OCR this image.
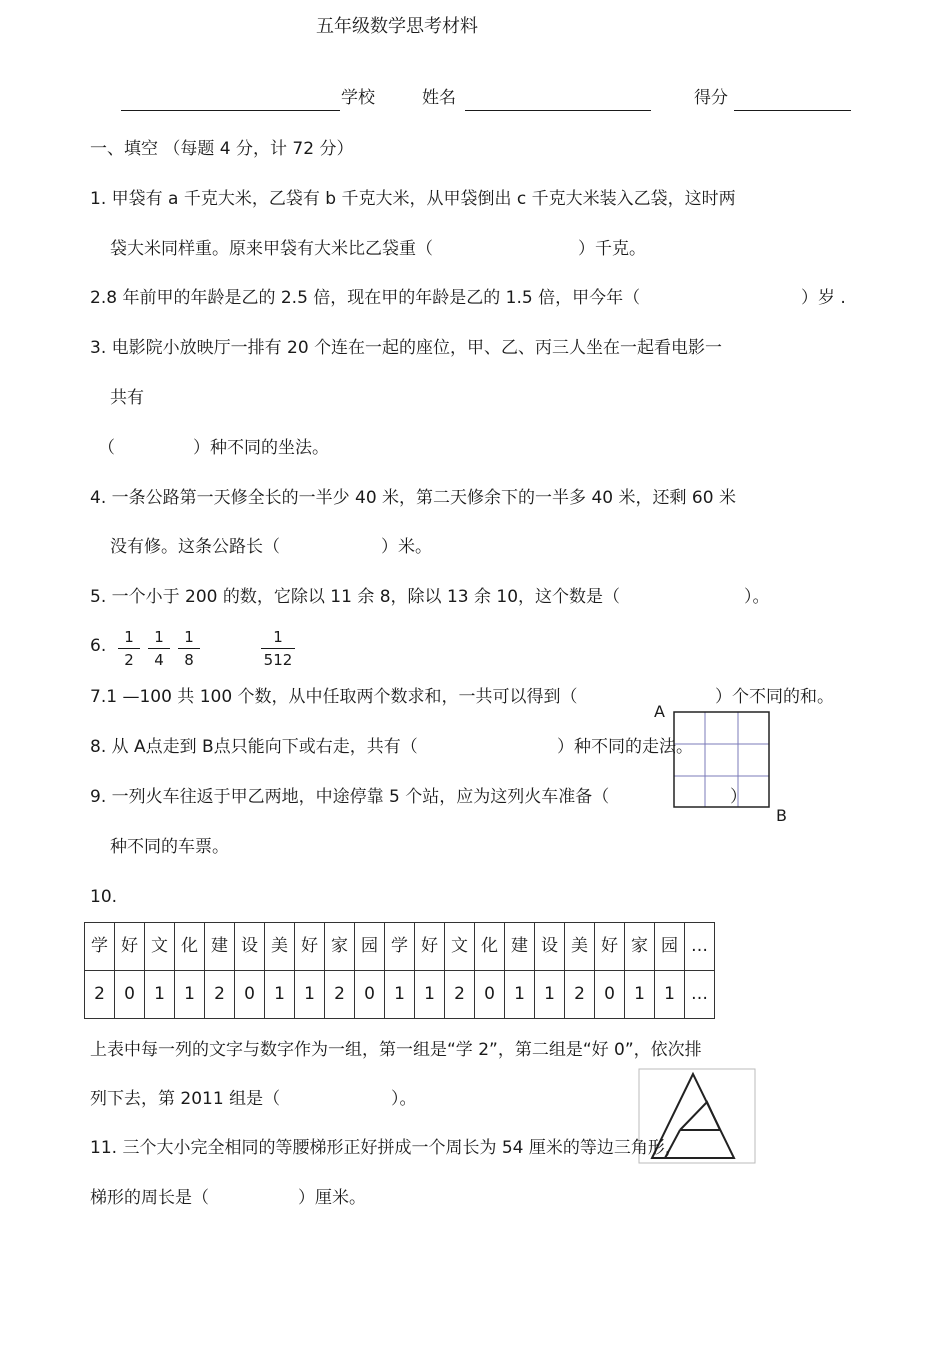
五年级数学思考材料
学校	姓名	得分
一、填空 （每题 4 分，计 72 分）
1. 甲袋有 a 千克大米，乙袋有 b 千克大米，从甲袋倒出 c 千克大米装入乙袋，这时两
袋大米同样重。原来甲袋有大米比乙袋重（	）千克。
2.8 年前甲的年龄是乙的 2.5 倍，现在甲的年龄是乙的 1.5 倍，甲今年（	）岁 .
3. 电影院小放映厅一排有 20 个连在一起的座位，甲、乙、丙三人坐在一起看电影一
共有
（	）种不同的坐法。
4. 一条公路第一天修全长的一半少 40 米，第二天修余下的一半多 40 米，还剩 60 米
没有修。这条公路长（	）米。
5. 一个小于 200 的数，它除以 11 余 8，除以 13 余 10，这个数是（	）。
6. $\frac{1}{2} \frac{1}{4} \frac{1}{8}$	$\frac{1}{512}$
7.1 —100 共 100 个数，从中任取两个数求和，一共可以得到（	）个不同的和。
8. 从 A点走到 B点只能向下或右走，共有（	）种不同的走法。
A
B
9. 一列火车往返于甲乙两地，中途停靠 5 个站，应为这列火车准备（	）
种不同的车票。
10.
学	好	文	化	建	设	美	好	家	园	学	好	文	化	建	设	美	好	家	园	…
2	0	1	1	2	0	1	1	2	0	1	1	2	0	1	1	2	0	1	1	…
上表中每一列的文字与数字作为一组，第一组是“学 2”，第二组是“好 0”，依次排
列下去，第 2011 组是（	）。
11. 三个大小完全相同的等腰梯形正好拼成一个周长为 54 厘米的等边三角形，
梯形的周长是（	）厘米。
